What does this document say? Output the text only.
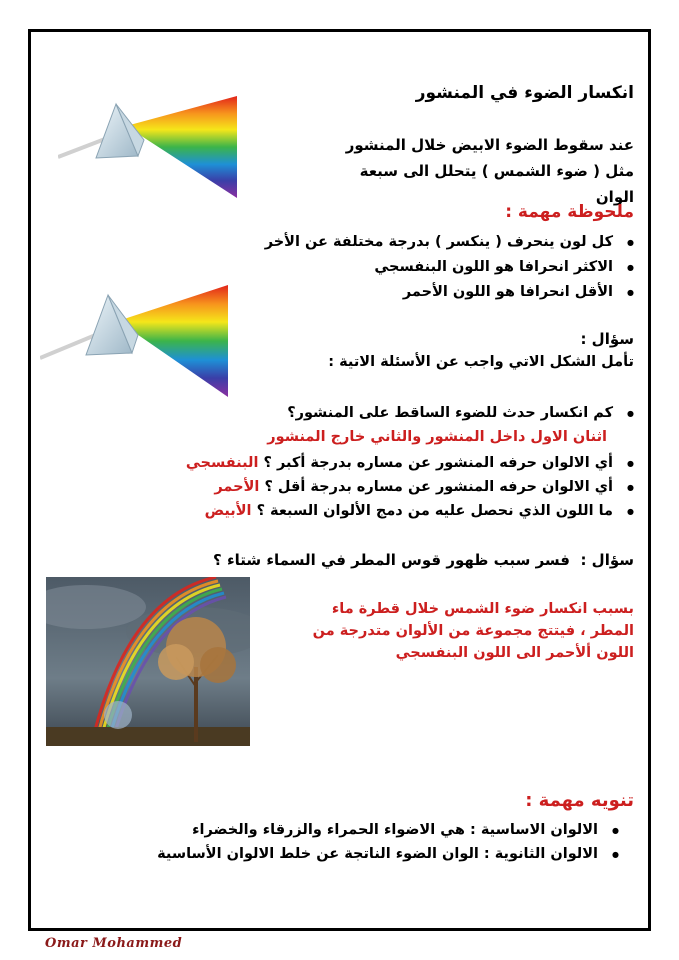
انكسار الضوء في المنشور
عند سقوط الضوء الابيض خلال المنشور مثل ( ضوء الشمس ) يتحلل الى سبعة الوان
ملحوظة مهمة :
● كل لون ينحرف ( ينكسر ) بدرجة مختلفة عن الأخر
● الاكثر انحرافا هو اللون البنفسجي
● الأقل انحرافا هو اللون الأحمر
سؤال :
تأمل الشكل الاتي واجب عن الأسئلة الاتية :
● كم انكسار حدث للضوء الساقط على المنشور؟
اثنان الاول داخل المنشور والثاني خارج المنشور
● أي الالوان حرفه المنشور عن مساره بدرجة أكبر ؟ البنفسجي
● أي الالوان حرفه المنشور عن مساره بدرجة أقل ؟ الأحمر
● ما اللون الذي نحصل عليه من دمج الألوان السبعة ؟ الأبيض
سؤال :  فسر سبب ظهور قوس المطر في السماء شتاء ؟
بسبب انكسار ضوء الشمس خلال قطرة ماء المطر ، فيتتج مجموعة من الألوان متدرجة من اللون ألأحمر الى اللون البنفسجي
تنويه مهمة :
● الالوان الاساسية : هي الاضواء الحمراء والزرقاء والخضراء
● الالوان الثانوية : الوان الضوء الناتجة عن خلط الالوان الأساسية
Omar Mohammed
